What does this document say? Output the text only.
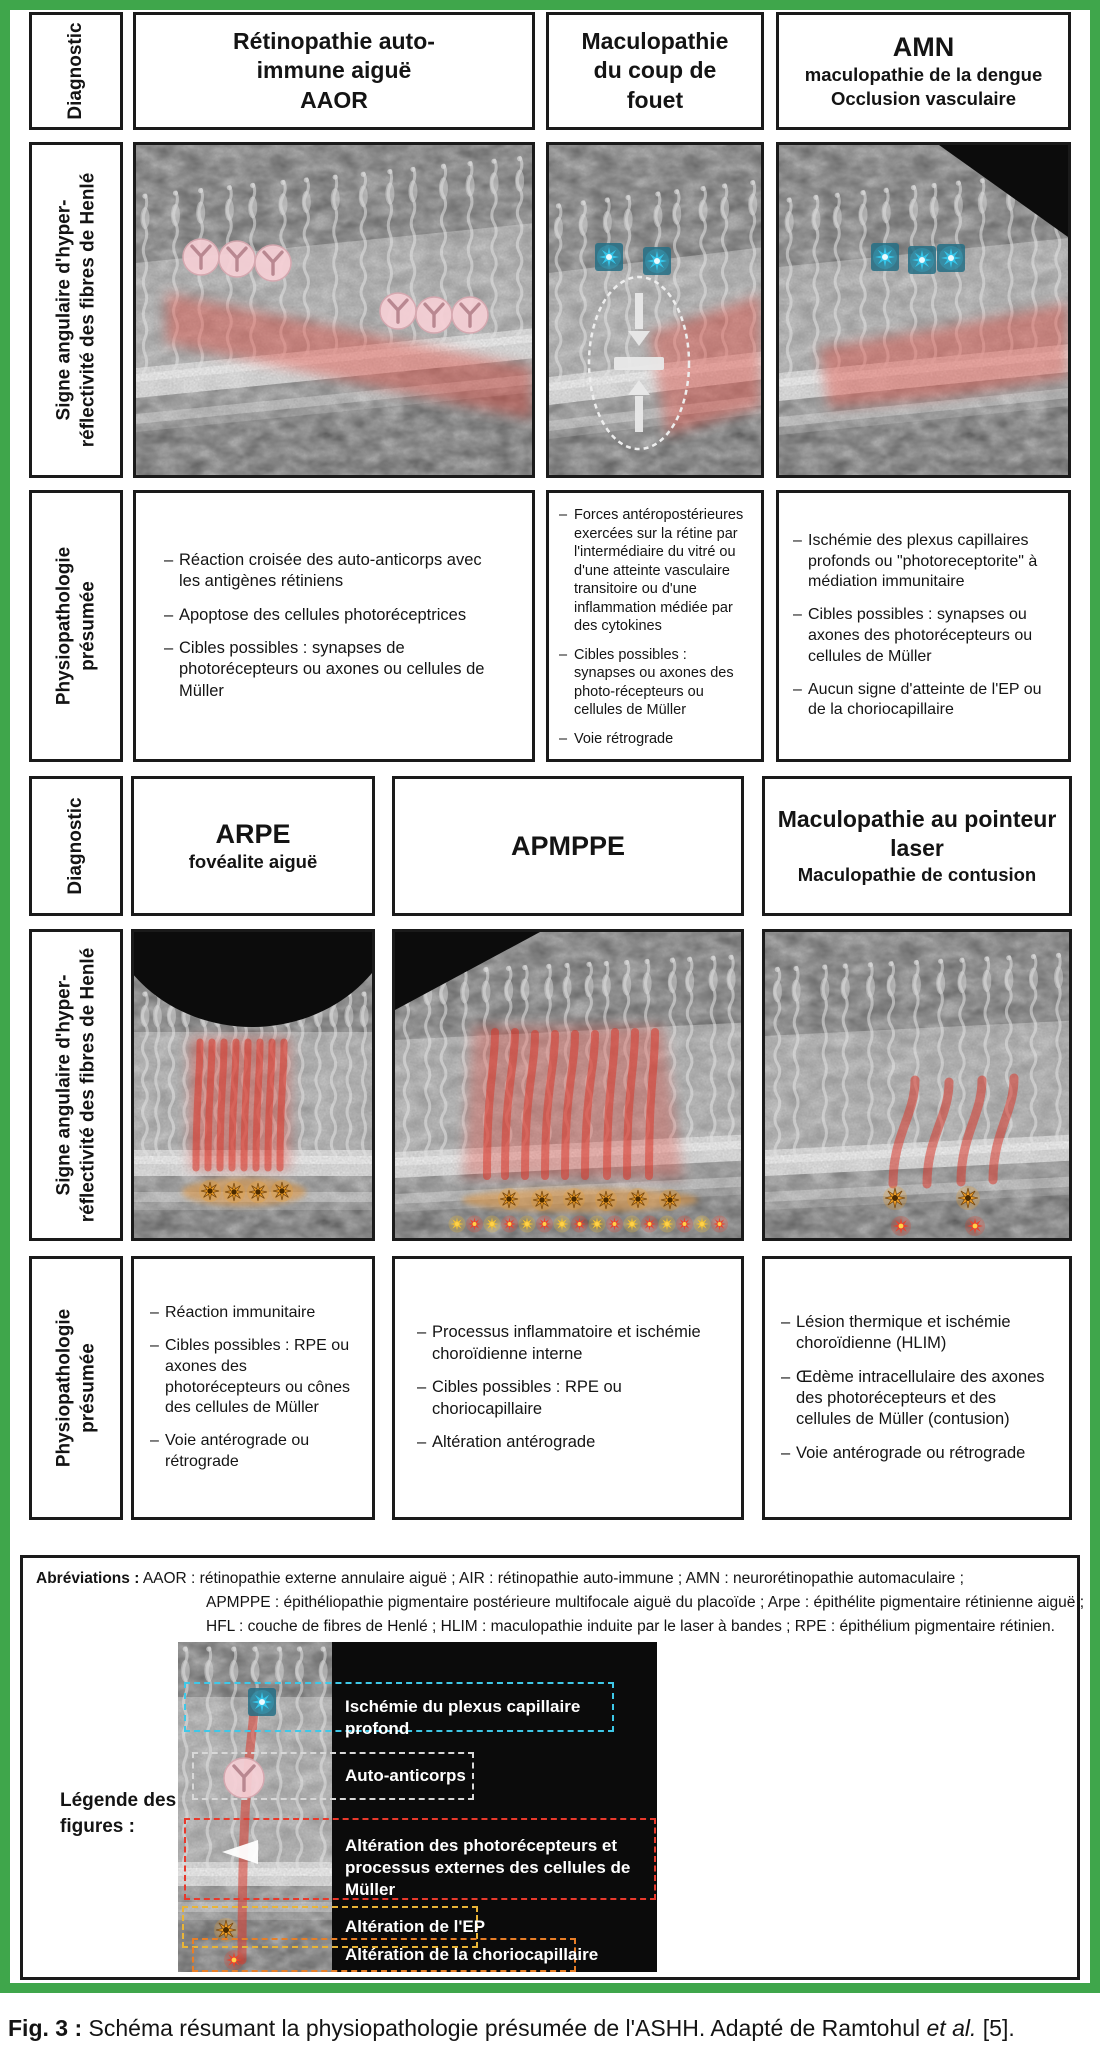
Diagnostic	Rétinopathie auto-immune aiguë
AAOR
Maculopathie du coup de fouet
AMN
maculopathie de la dengue
Occlusion vasculaire
Signe angulaire d'hyper- réflectivité des fibres de Henlé
Physiopathologie présumée
– Réaction croisée des auto-anticorps avec les antigènes rétiniens
– Apoptose des cellules photoréceptrices
– Cibles possibles : synapses de photorécepteurs ou axones ou cellules de Müller
– Forces antéropostérieures exercées sur la rétine par l'intermédiaire du vitré ou d'une atteinte vasculaire transitoire ou d'une inflammation médiée par des cytokines
– Cibles possibles : synapses ou axones des photo-récepteurs ou cellules de Müller
– Voie rétrograde
– Ischémie des plexus capillaires profonds ou "photoreceptorite" à médiation immunitaire
– Cibles possibles : synapses ou axones des photorécepteurs ou cellules de Müller
– Aucun signe d'atteinte de l'EP ou de la choriocapillaire
Diagnostic	ARPE
fovéalite aiguë
APMPPE
Maculopathie au pointeur laser
Maculopathie de contusion
Signe angulaire d'hyper- réflectivité des fibres de Henlé
Physiopathologie présumée
– Réaction immunitaire
– Cibles possibles : RPE ou axones des photorécepteurs ou cônes des cellules de Müller
– Voie antérograde ou rétrograde
– Processus inflammatoire et ischémie choroïdienne interne
– Cibles possibles : RPE ou choriocapillaire
– Altération antérograde
– Lésion thermique et ischémie choroïdienne (HLIM)
– Œdème intracellulaire des axones des photorécepteurs et des cellules de Müller (contusion)
– Voie antérograde ou rétrograde
Abréviations : AAOR : rétinopathie externe annulaire aiguë ; AIR : rétinopathie auto-immune ; AMN : neurorétinopathie automaculaire ;
APMPPE : épithéliopathie pigmentaire postérieure multifocale aiguë du placoïde ; Arpe : épithélite pigmentaire rétinienne aiguë ;
HFL : couche de fibres de Henlé ; HLIM : maculopathie induite par le laser à bandes ; RPE : épithélium pigmentaire rétinien.
Légende des figures :
Ischémie du plexus capillaire profond
Auto-anticorps
Altération des photorécepteurs et processus externes des cellules de Müller
Altération de l'EP
Altération de la choriocapillaire
Fig. 3 : Schéma résumant la physiopathologie présumée de l'ASHH. Adapté de Ramtohul et al. [5].
